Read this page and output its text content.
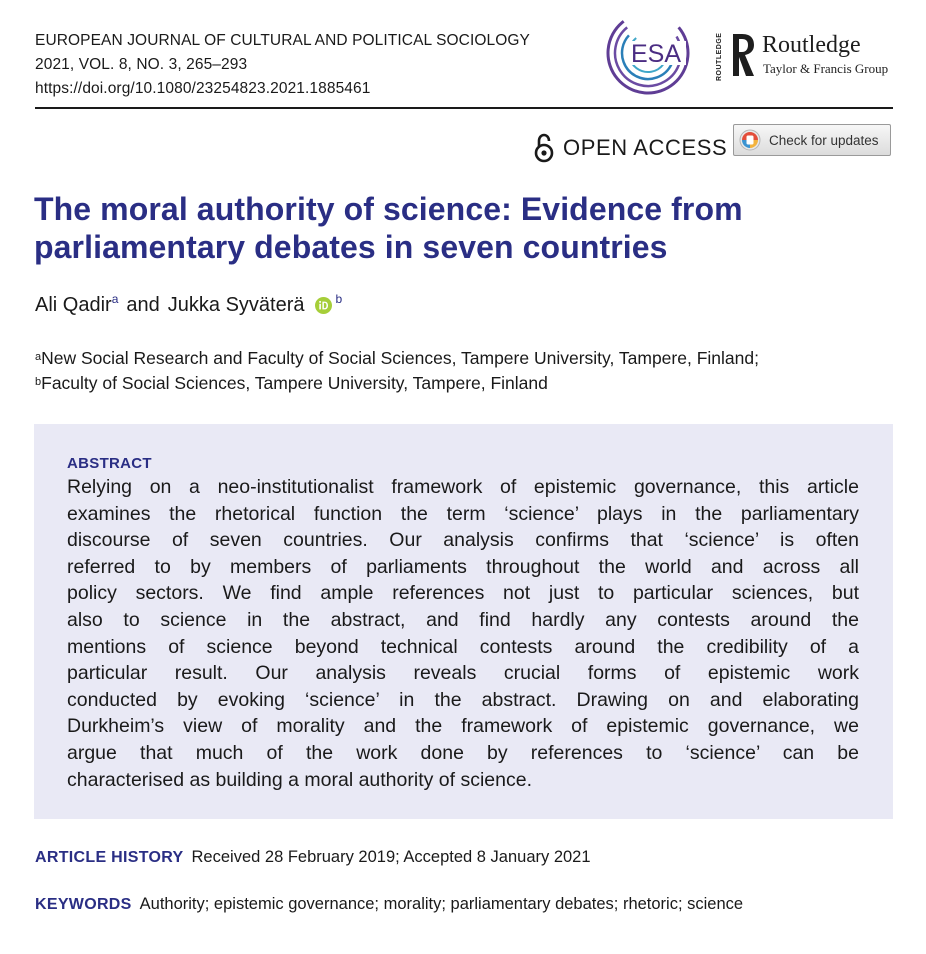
EUROPEAN JOURNAL OF CULTURAL AND POLITICAL SOCIOLOGY
2021, VOL. 8, NO. 3, 265–293
https://doi.org/10.1080/23254823.2021.1885461
ESA	ROUTLEDGE Routledge
Taylor & Francis Group
OPEN ACCESS	Check for updates
The moral authority of science: Evidence from
parliamentary debates in seven countries
Ali Qadir$^a$ and Jukka Syväterä	$^b$
$^a$New Social Research and Faculty of Social Sciences, Tampere University, Tampere, Finland;
$^b$Faculty of Social Sciences, Tampere University, Tampere, Finland
ABSTRACT
Relying on a neo-institutionalist framework of epistemic governance, this article
examines the rhetorical function the term ‘science’ plays in the parliamentary
discourse of seven countries. Our analysis confirms that ‘science’ is often
referred to by members of parliaments throughout the world and across all
policy sectors. We find ample references not just to particular sciences, but
also to science in the abstract, and find hardly any contests around the
mentions of science beyond technical contests around the credibility of a
particular result. Our analysis reveals crucial forms of epistemic work
conducted by evoking ‘science’ in the abstract. Drawing on and elaborating
Durkheim’s view of morality and the framework of epistemic governance, we
argue that much of the work done by references to ‘science’ can be
characterised as building a moral authority of science.
ARTICLE HISTORY Received 28 February 2019; Accepted 8 January 2021
KEYWORDS Authority; epistemic governance; morality; parliamentary debates; rhetoric; science
